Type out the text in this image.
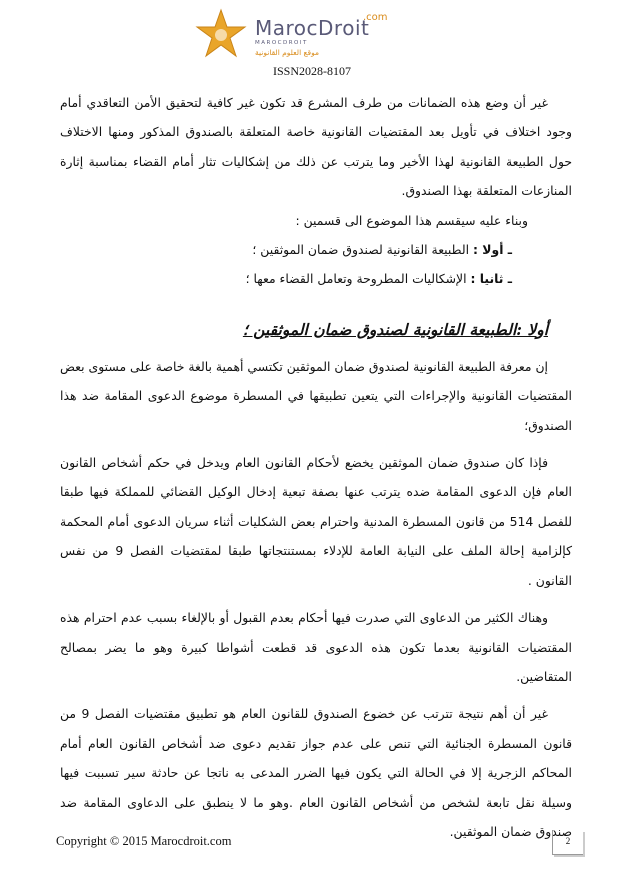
MarocDroit
.com
MAROCDROIT
موقع العلوم القانونية
ISSN2028-8107

غير أن وضع هذه الضمانات من طرف المشرع قد تكون غير كافية لتحقيق الأمن التعاقدي أمام وجود اختلاف في تأويل بعد المقتضيات القانونية خاصة المتعلقة بالصندوق المذكور ومنها الاختلاف حول الطبيعة القانونية لهذا الأخير وما يترتب عن ذلك من إشكاليات تثار أمام القضاء بمناسبة إثارة المنازعات المتعلقة بهذا الصندوق.

وبناء عليه سيقسم هذا الموضوع الى قسمين :

ـ أولا : الطبيعة القانونية لصندوق ضمان الموثقين ؛

ـ ثانيا : الإشكاليات المطروحة وتعامل القضاء معها ؛

أولا :الطبيعة القانونية لصندوق ضمان الموثقين ؛

إن معرفة الطبيعة القانونية لصندوق ضمان الموثقين تكتسي أهمية بالغة خاصة على مستوى بعض المقتضيات القانونية والإجراءات التي يتعين تطبيقها في المسطرة موضوع الدعوى المقامة ضد هذا الصندوق؛

فإذا كان صندوق ضمان الموثقين يخضع لأحكام القانون العام ويدخل في حكم أشخاص القانون العام فإن الدعوى المقامة ضده يترتب عنها بصفة تبعية إدخال الوكيل القضائي للمملكة فيها طبقا للفصل 514 من قانون المسطرة المدنية واحترام بعض الشكليات أثناء سريان الدعوى أمام المحكمة كإلزامية إحالة الملف على النيابة العامة للإدلاء بمستنتجاتها طبقا لمقتضيات الفصل 9 من نفس القانون .

وهناك الكثير من الدعاوى التي صدرت فيها أحكام بعدم القبول أو بالإلغاء بسبب عدم احترام هذه المقتضيات القانونية بعدما تكون هذه الدعوى قد قطعت أشواطا كبيرة وهو ما يضر بمصالح المتقاضين.

غير أن أهم نتيجة تترتب عن خضوع الصندوق للقانون العام هو تطبيق مقتضيات الفصل 9 من قانون المسطرة الجنائية التي تنص على عدم جواز تقديم دعوى ضد أشخاص القانون العام أمام المحاكم الزجرية إلا في الحالة التي يكون فيها الضرر المدعى به ناتجا عن حادثة سير تسببت فيها وسيلة نقل تابعة لشخص من أشخاص القانون العام .وهو ما لا ينطبق على الدعاوى المقامة ضد صندوق ضمان الموثقين.

Copyright © 2015 Marocdroit.com	2
